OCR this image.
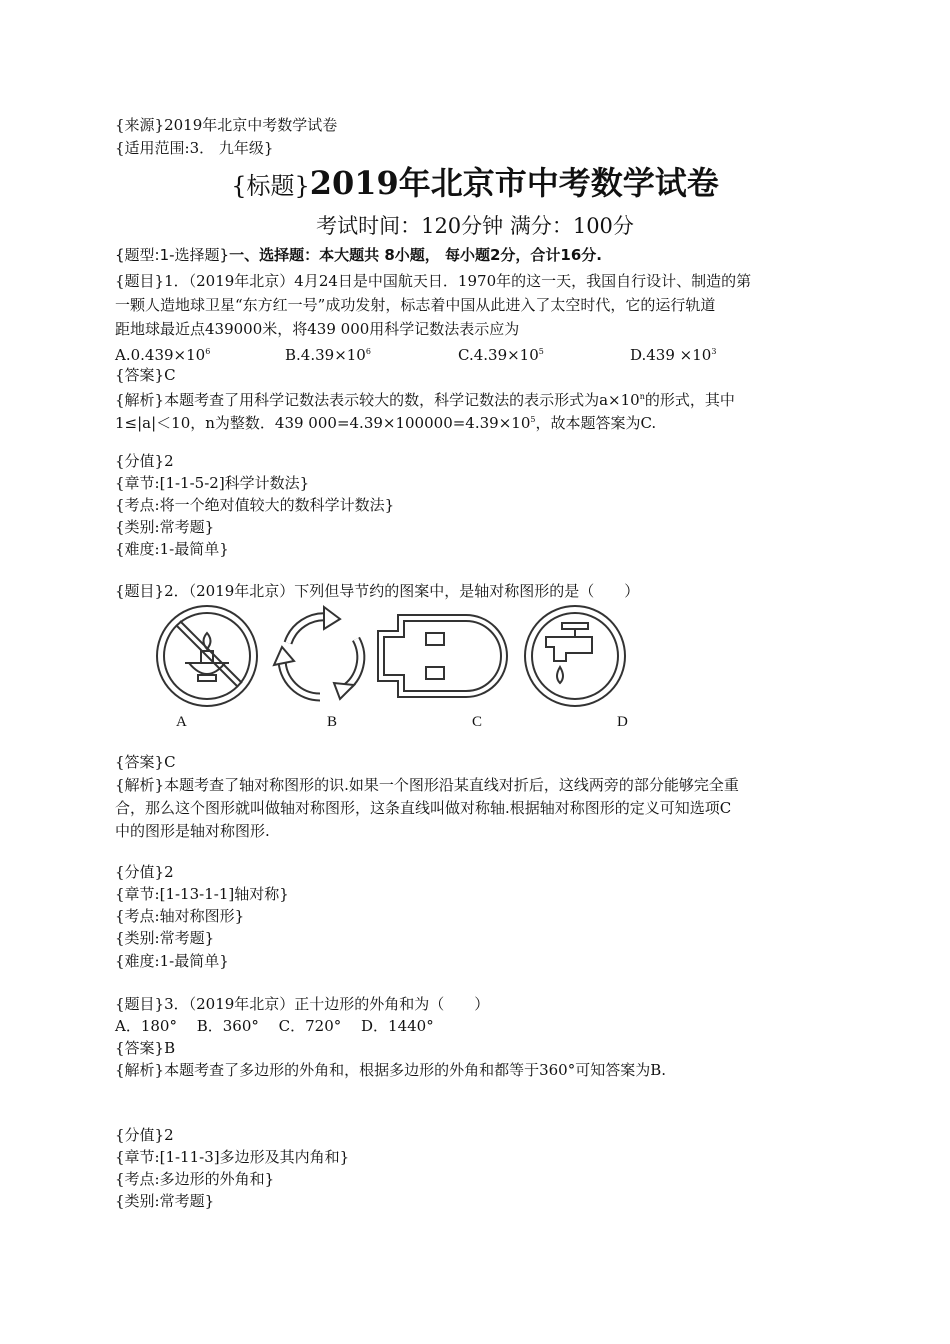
{来源}2019年北京中考数学试卷
{适用范围:3． 九年级}
{标题}2019年北京市中考数学试卷
考试时间：120分钟 满分：100分
{题型:1-选择题}一、选择题：本大题共 8小题， 每小题2分，合计16分.
{题目}1．（2019年北京）4月24日是中国航天日．1970年的这一天，我国自行设计、制造的第
一颗人造地球卫星“东方红一号”成功发射，标志着中国从此进入了太空时代，它的运行轨道
距地球最近点439000米，将439 000用科学记数法表示应为
$A.0.439\times 10^6$	$B.4.39\times 10^6$	$C.4.39\times 10^5$	$D.439 \times 10^3$
{答案}C
{解析}本题考查了用科学记数法表示较大的数，科学记数法的表示形式为$a\times 10^n$的形式，其中
1≤|a|＜10，n为整数．439 $000=4.39\times 100000=4.39\times 10^5$，故本题答案为C.
{分值}2
{章节:[1-1-5-2]科学计数法}
{考点:将一个绝对值较大的数科学计数法}
{类别:常考题}
{难度:1-最简单}
{题目}2．（2019年北京）下列但导节约的图案中，是轴对称图形的是（　　）
A	B	C	D
{答案}C
{解析}本题考查了轴对称图形的识.如果一个图形沿某直线对折后，这线两旁的部分能够完全重
合，那么这个图形就叫做轴对称图形，这条直线叫做对称轴.根据轴对称图形的定义可知选项C
中的图形是轴对称图形.
{分值}2
{章节:[1-13-1-1]轴对称}
{考点:轴对称图形}
{类别:常考题}
{难度:1-最简单}
{题目}3．（2019年北京）正十边形的外角和为（　　）
A．180°　 B．360°　 C．720°　 D．1440°
{答案}B
{解析}本题考查了多边形的外角和，根据多边形的外角和都等于360°可知答案为B.
{分值}2
{章节:[1-11-3]多边形及其内角和}
{考点:多边形的外角和}
{类别:常考题}
